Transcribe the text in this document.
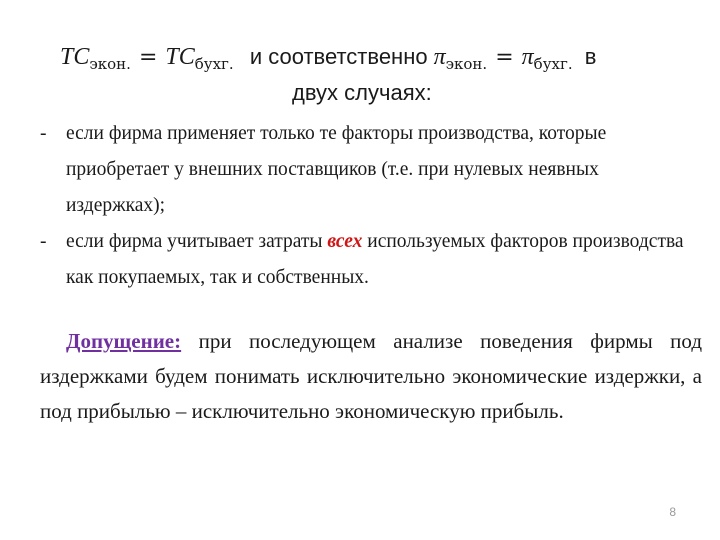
$TC_{экон.} = TC_{бухг.}$ и соответственно $\pi_{экон.} = \pi_{бухг.}$ в
двух случаях:
- если фирма применяет только те факторы производства, которые приобретает у внешних поставщиков (т.е. при нулевых неявных издержках);
- если фирма учитывает затраты всех используемых факторов производства как покупаемых, так и собственных.
Допущение: при последующем анализе поведения фирмы под издержками будем понимать исключительно экономические издержки, а под прибылью – исключительно экономическую прибыль.
8
